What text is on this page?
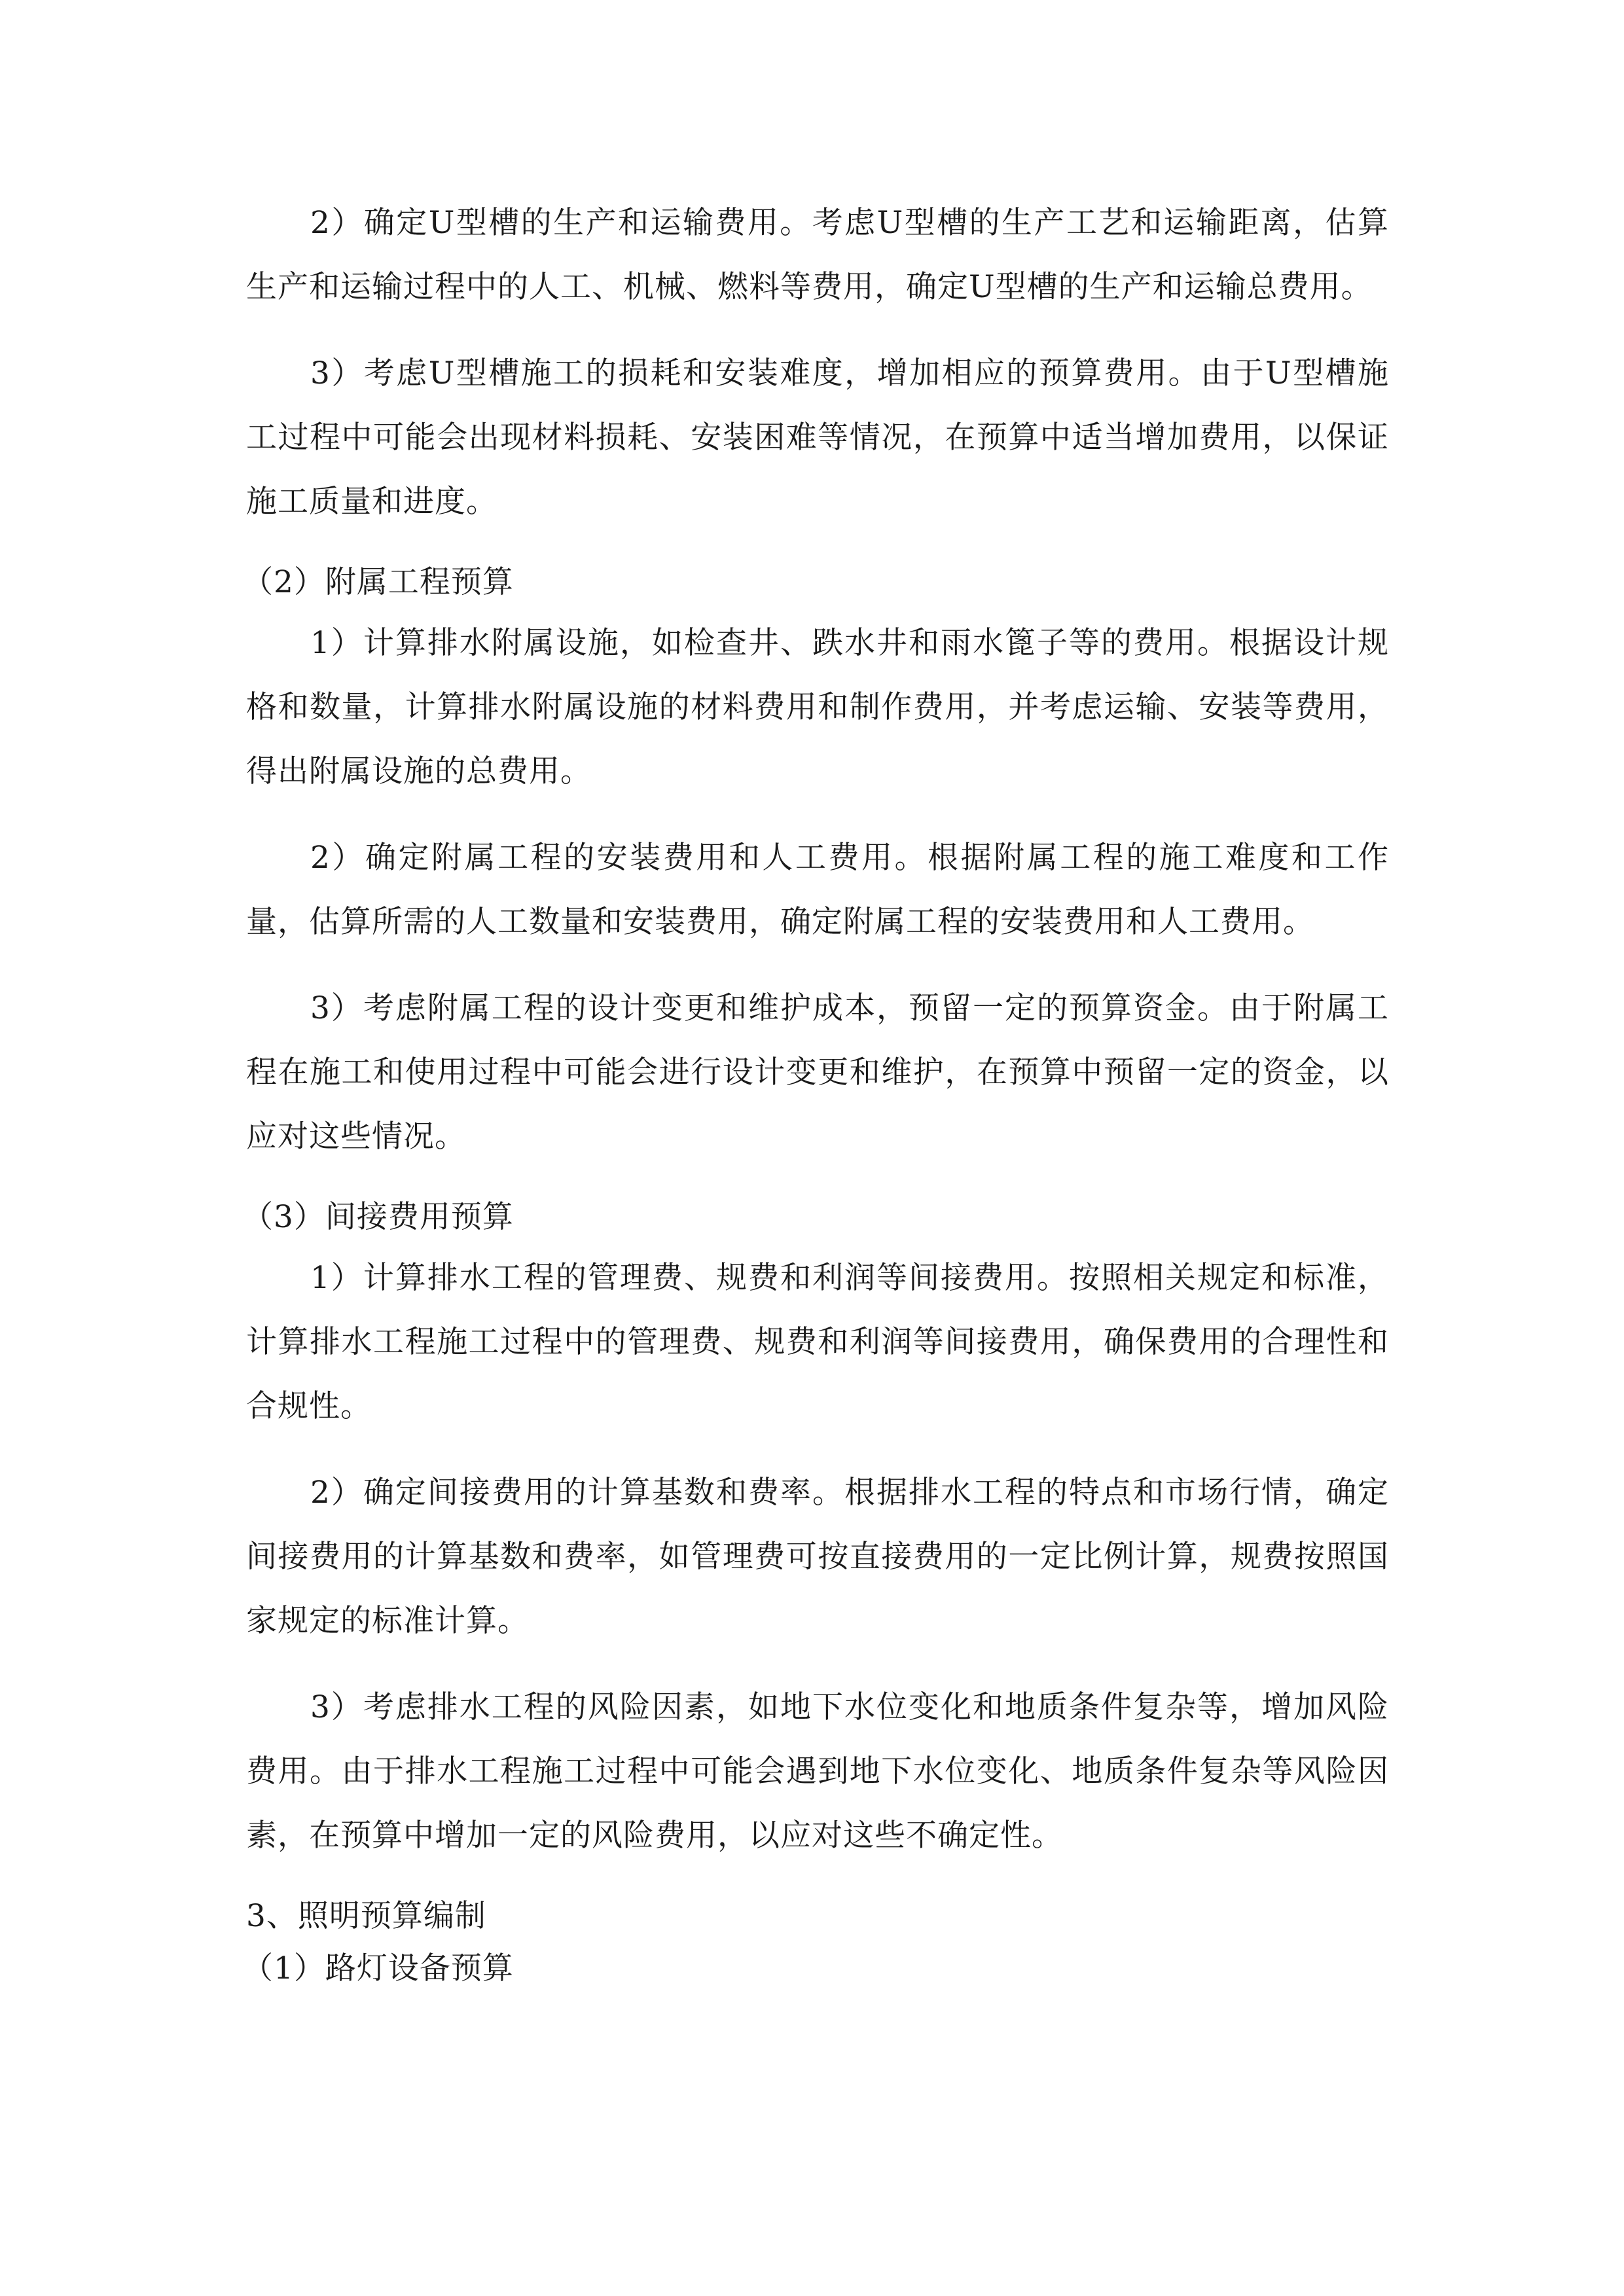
2）确定U型槽的生产和运输费用。考虑U型槽的生产工艺和运输距离，估算生产和运输过程中的人工、机械、燃料等费用，确定U型槽的生产和运输总费用。

3）考虑U型槽施工的损耗和安装难度，增加相应的预算费用。由于U型槽施工过程中可能会出现材料损耗、安装困难等情况，在预算中适当增加费用，以保证施工质量和进度。

（2）附属工程预算

1）计算排水附属设施，如检查井、跌水井和雨水篦子等的费用。根据设计规格和数量，计算排水附属设施的材料费用和制作费用，并考虑运输、安装等费用，得出附属设施的总费用。

2）确定附属工程的安装费用和人工费用。根据附属工程的施工难度和工作量，估算所需的人工数量和安装费用，确定附属工程的安装费用和人工费用。

3）考虑附属工程的设计变更和维护成本，预留一定的预算资金。由于附属工程在施工和使用过程中可能会进行设计变更和维护，在预算中预留一定的资金，以应对这些情况。

（3）间接费用预算

1）计算排水工程的管理费、规费和利润等间接费用。按照相关规定和标准，计算排水工程施工过程中的管理费、规费和利润等间接费用，确保费用的合理性和合规性。

2）确定间接费用的计算基数和费率。根据排水工程的特点和市场行情，确定间接费用的计算基数和费率，如管理费可按直接费用的一定比例计算，规费按照国家规定的标准计算。

3）考虑排水工程的风险因素，如地下水位变化和地质条件复杂等，增加风险费用。由于排水工程施工过程中可能会遇到地下水位变化、地质条件复杂等风险因素，在预算中增加一定的风险费用，以应对这些不确定性。

3、照明预算编制

（1）路灯设备预算
